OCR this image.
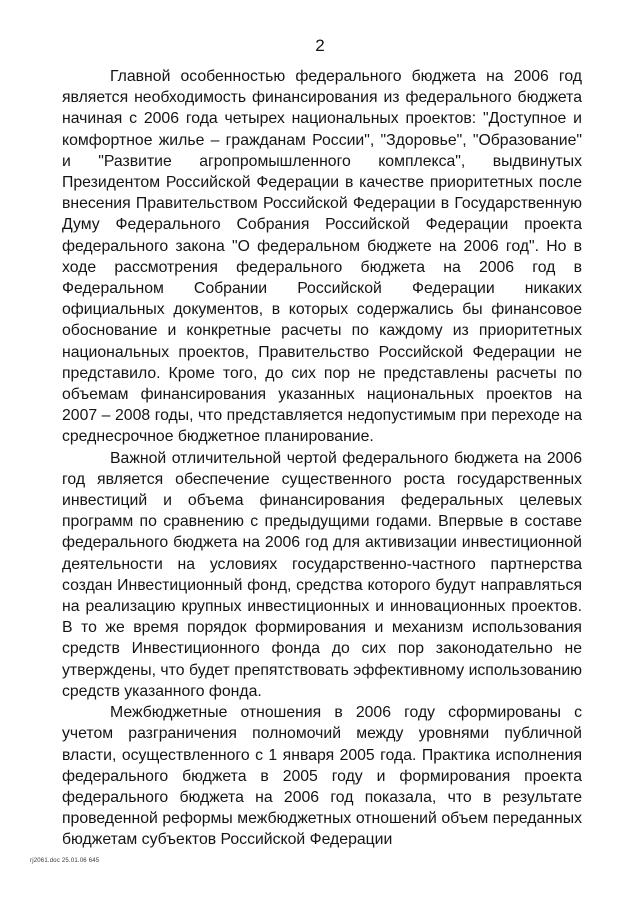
2

Главной особенностью федерального бюджета на 2006 год является необходимость финансирования из федерального бюджета начиная с 2006 года четырех национальных проектов: "Доступное и комфортное жилье – гражданам России", "Здоровье", "Образование" и "Развитие агропромышленного комплекса", выдвинутых Президентом Российской Федерации в качестве приоритетных после внесения Правительством Российской Федерации в Государственную Думу Федерального Собрания Российской Федерации проекта федерального закона "О федеральном бюджете на 2006 год". Но в ходе рассмотрения федерального бюджета на 2006 год в Федеральном Собрании Российской Федерации никаких официальных документов, в которых содержались бы финансовое обоснование и конкретные расчеты по каждому из приоритетных национальных проектов, Правительство Российской Федерации не представило. Кроме того, до сих пор не представлены расчеты по объемам финансирования указанных национальных проектов на 2007 – 2008 годы, что представляется недопустимым при переходе на среднесрочное бюджетное планирование.

Важной отличительной чертой федерального бюджета на 2006 год является обеспечение существенного роста государственных инвестиций и объема финансирования федеральных целевых программ по сравнению с предыдущими годами. Впервые в составе федерального бюджета на 2006 год для активизации инвестиционной деятельности на условиях государственно-частного партнерства создан Инвестиционный фонд, средства которого будут направляться на реализацию крупных инвестиционных и инновационных проектов. В то же время порядок формирования и механизм использования средств Инвестиционного фонда до сих пор законодательно не утверждены, что будет препятствовать эффективному использованию средств указанного фонда.

Межбюджетные отношения в 2006 году сформированы с учетом разграничения полномочий между уровнями публичной власти, осуществленного с 1 января 2005 года. Практика исполнения федерального бюджета в 2005 году и формирования проекта федерального бюджета на 2006 год показала, что в результате проведенной реформы межбюджетных отношений объем переданных бюджетам субъектов Российской Федерации

rj2061.doc 25.01.06 645
